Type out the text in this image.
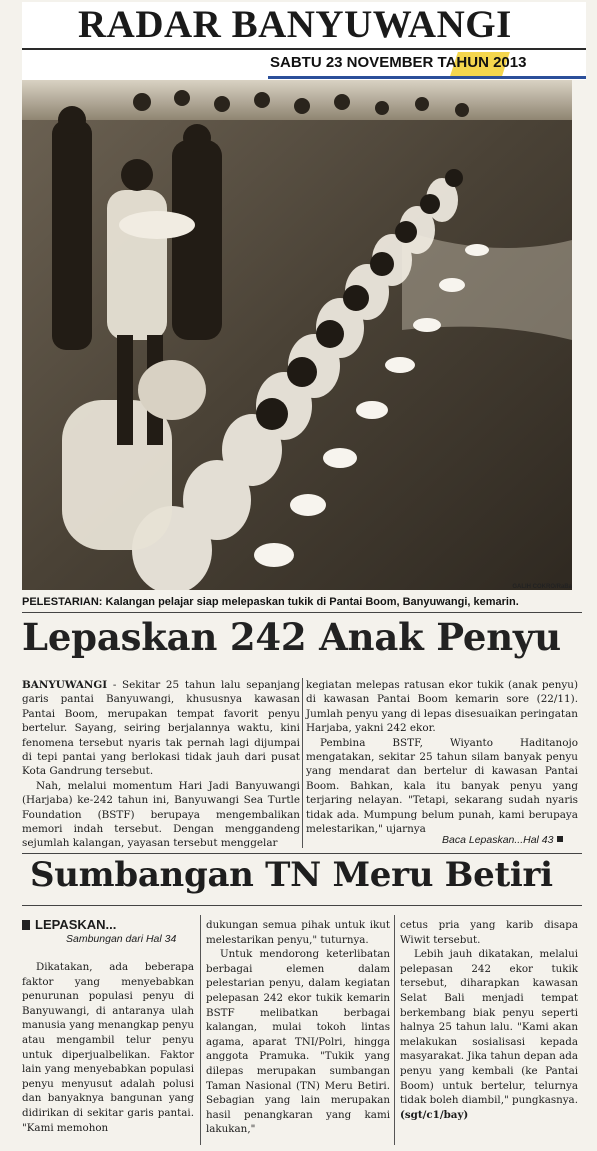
RADAR BANYUWANGI
SABTU 23 NOVEMBER TAHUN 2013
GALIH COKRO/RaBa
PELESTARIAN: Kalangan pelajar siap melepaskan tukik di Pantai Boom, Banyuwangi, kemarin.
Lepaskan 242 Anak Penyu

BANYUWANGI - Sekitar 25 tahun lalu sepanjang garis pantai Banyuwangi, khususnya kawasan Pantai Boom, merupakan tempat favorit penyu bertelur. Sayang, seiring berjalannya waktu, kini fenomena tersebut nyaris tak pernah lagi dijumpai di tepi pantai yang berlokasi tidak jauh dari pusat Kota Gandrung tersebut.

Nah, melalui momentum Hari Jadi Banyuwangi (Harjaba) ke-242 tahun ini, Banyuwangi Sea Turtle Foundation (BSTF) berupaya mengembalikan memori indah tersebut. Dengan menggandeng sejumlah kalangan, yayasan tersebut menggelar

kegiatan melepas ratusan ekor tukik (anak penyu) di kawasan Pantai Boom kemarin sore (22/11). Jumlah penyu yang di lepas disesuaikan peringatan Harjaba, yakni 242 ekor.

Pembina BSTF, Wiyanto Haditanojo mengatakan, sekitar 25 tahun silam banyak penyu yang mendarat dan bertelur di kawasan Pantai Boom. Bahkan, kala itu banyak penyu yang terjaring nelayan. "Tetapi, sekarang sudah nyaris tidak ada. Mumpung belum punah, kami berupaya melestarikan," ujarnya

Baca Lepaskan...Hal 43
Sumbangan TN Meru Betiri
LEPASKAN...
Sambungan dari Hal 34

Dikatakan, ada beberapa faktor yang menyebabkan penurunan populasi penyu di Banyuwangi, di antaranya ulah manusia yang menangkap penyu atau mengambil telur penyu untuk diperjualbelikan. Faktor lain yang menyebabkan populasi penyu menyusut adalah polusi dan banyaknya bangunan yang didirikan di sekitar garis pantai. "Kami memohon

dukungan semua pihak untuk ikut melestarikan penyu," tuturnya.

Untuk mendorong keterlibatan berbagai elemen dalam pelestarian penyu, dalam kegiatan pelepasan 242 ekor tukik kemarin BSTF melibatkan berbagai kalangan, mulai tokoh lintas agama, aparat TNI/Polri, hingga anggota Pramuka. "Tukik yang dilepas merupakan sumbangan Taman Nasional (TN) Meru Betiri. Sebagian yang lain merupakan hasil penangkaran yang kami lakukan,"

cetus pria yang karib disapa Wiwit tersebut.

Lebih jauh dikatakan, melalui pelepasan 242 ekor tukik tersebut, diharapkan kawasan Selat Bali menjadi tempat berkembang biak penyu seperti halnya 25 tahun lalu. "Kami akan melakukan sosialisasi kepada masyarakat. Jika tahun depan ada penyu yang kembali (ke Pantai Boom) untuk bertelur, telurnya tidak boleh diambil," pungkasnya.

(sgt/c1/bay)
